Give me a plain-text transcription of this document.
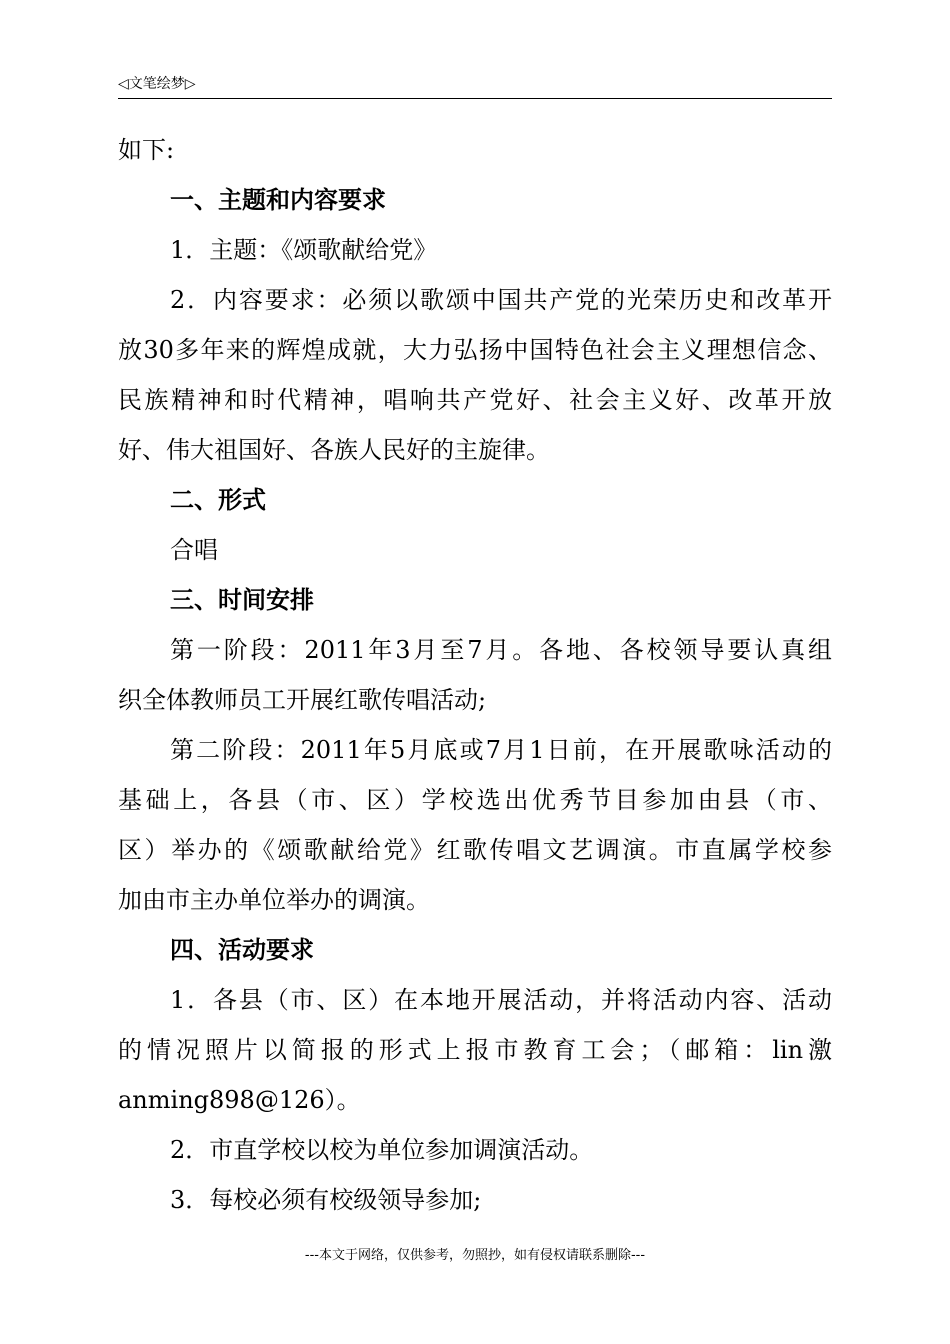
◁文笔绘梦▷
如下:
一、主题和内容要求
1．主题：《颂歌献给党》
2．内容要求：必须以歌颂中国共产党的光荣历史和改革开
放30多年来的辉煌成就，大力弘扬中国特色社会主义理想信念、
民族精神和时代精神，唱响共产党好、社会主义好、改革开放
好、伟大祖国好、各族人民好的主旋律。
二、形式
合唱
三、时间安排
第一阶段：2011年3月至7月。各地、各校领导要认真组
织全体教师员工开展红歌传唱活动;
第二阶段：2011年5月底或7月1日前，在开展歌咏活动的
基础上，各县（市、区）学校选出优秀节目参加由县（市、
区）举办的《颂歌献给党》红歌传唱文艺调演。市直属学校参
加由市主办单位举办的调演。
四、活动要求
1．各县（市、区）在本地开展活动，并将活动内容、活动
的情况照片以简报的形式上报市教育工会；（邮箱：lin激
anming898@126）。
2．市直学校以校为单位参加调演活动。
3．每校必须有校级领导参加;
---本文于网络，仅供参考，勿照抄，如有侵权请联系删除---
